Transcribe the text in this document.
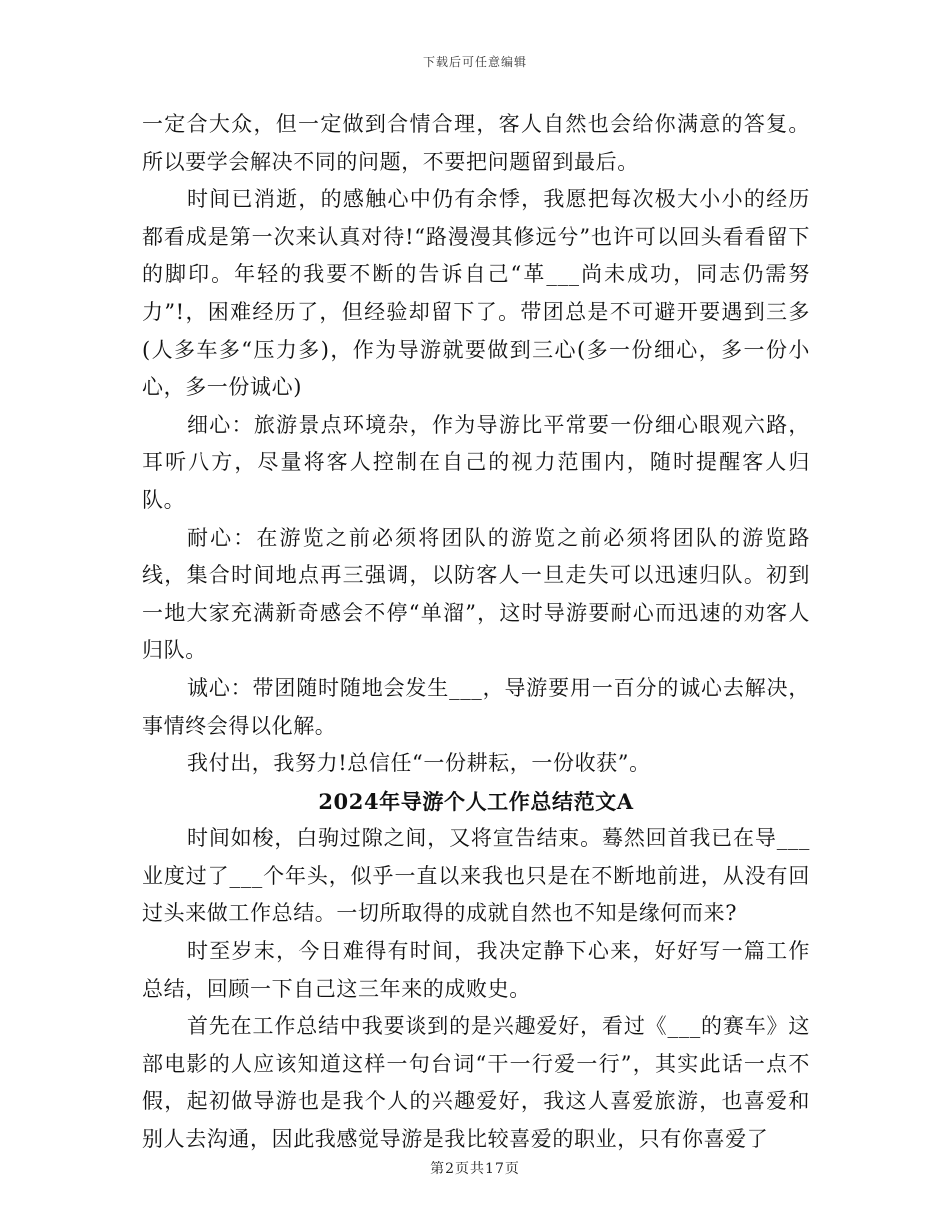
下载后可任意编辑

一定合大众，但一定做到合情合理，客人自然也会给你满意的答复。所以要学会解决不同的问题，不要把问题留到最后。

时间已消逝，的感触心中仍有余悸，我愿把每次极大小小的经历都看成是第一次来认真对待!“路漫漫其修远兮”也许可以回头看看留下的脚印。年轻的我要不断的告诉自己“革___尚未成功，同志仍需努力”!，困难经历了，但经验却留下了。带团总是不可避开要遇到三多(人多车多“压力多)，作为导游就要做到三心(多一份细心，多一份小心，多一份诚心)

细心：旅游景点环境杂，作为导游比平常要一份细心眼观六路，耳听八方，尽量将客人控制在自己的视力范围内，随时提醒客人归队。

耐心：在游览之前必须将团队的游览之前必须将团队的游览路线，集合时间地点再三强调，以防客人一旦走失可以迅速归队。初到一地大家充满新奇感会不停“单溜”，这时导游要耐心而迅速的劝客人归队。

诚心：带团随时随地会发生___，导游要用一百分的诚心去解决，事情终会得以化解。

我付出，我努力!总信任“一份耕耘，一份收获”。

2024年导游个人工作总结范文A

时间如梭，白驹过隙之间，又将宣告结束。蓦然回首我已在导___业度过了___个年头，似乎一直以来我也只是在不断地前进，从没有回过头来做工作总结。一切所取得的成就自然也不知是缘何而来?

时至岁末，今日难得有时间，我决定静下心来，好好写一篇工作总结，回顾一下自己这三年来的成败史。

首先在工作总结中我要谈到的是兴趣爱好，看过《___的赛车》这部电影的人应该知道这样一句台词“干一行爱一行”，其实此话一点不假，起初做导游也是我个人的兴趣爱好，我这人喜爱旅游，也喜爱和别人去沟通，因此我感觉导游是我比较喜爱的职业，只有你喜爱了

第2页共17页
